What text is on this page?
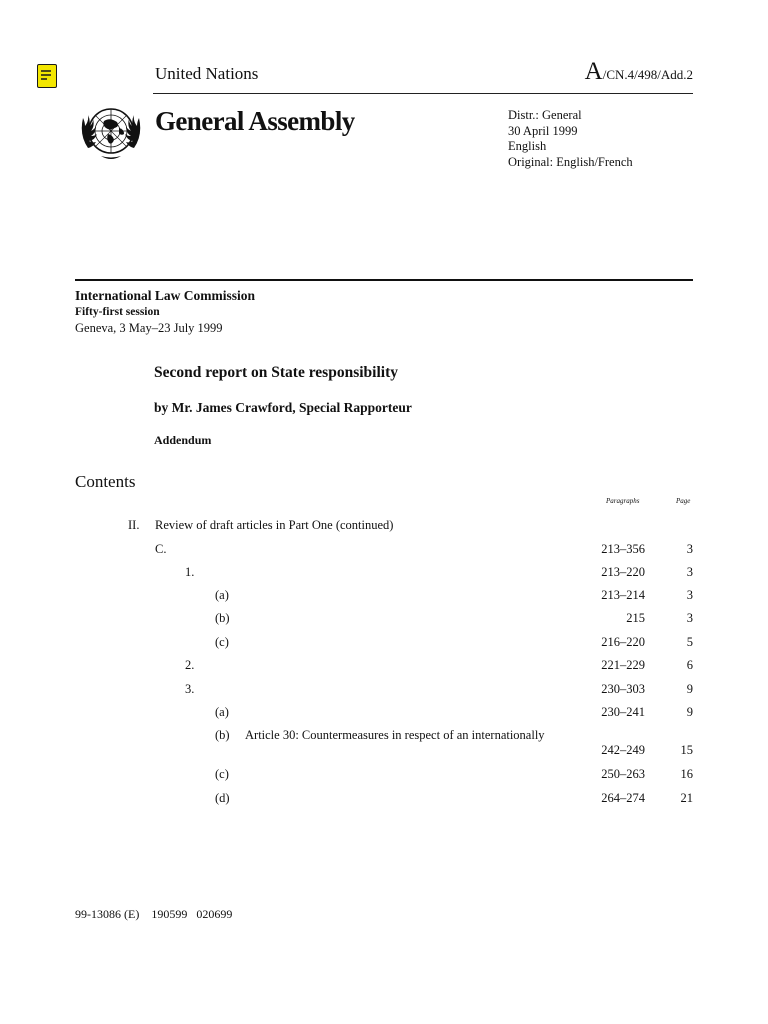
United Nations	A/CN.4/498/Add.2
General Assembly	Distr.: General
30 April 1999
English
Original: English/French
International Law Commission
Fifty-first session
Geneva, 3 May–23 July 1999
Second report on State responsibility
by Mr. James Crawford, Special Rapporteur
Addendum
Contents
Paragraphs	Page
II. Review of draft articles in Part One (continued)
C.	213–356	3
1.	213–220	3
(a)	213–214	3
(b)	215	3
(c)	216–220	5
2.	221–229	6
3.	230–303	9
(a)	230–241	9
(b) Article 30: Countermeasures in respect of an internationally
242–249	15
(c)	250–263	16
(d)	264–274	21
99-13086 (E) 190599   020699
